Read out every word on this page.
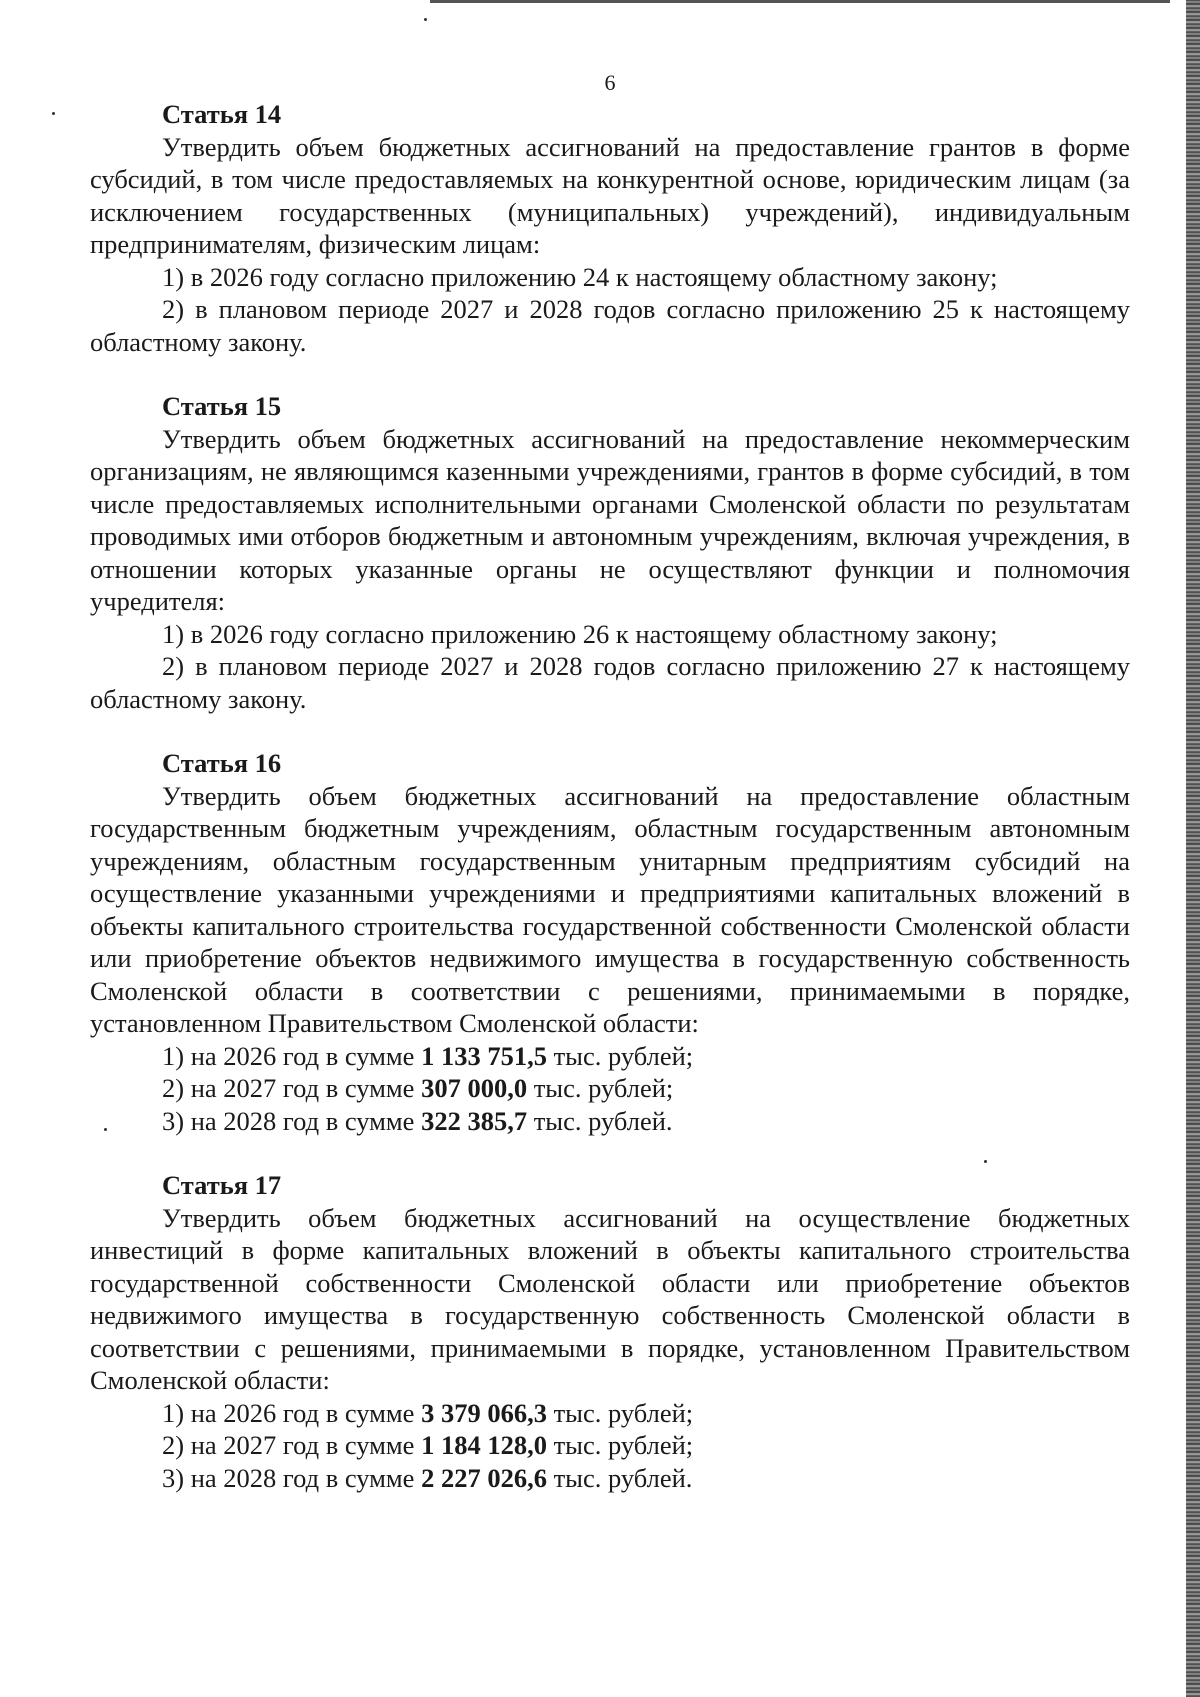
6

Статья 14

Утвердить объем бюджетных ассигнований на предоставление грантов в форме субсидий, в том числе предоставляемых на конкурентной основе, юридическим лицам (за исключением государственных (муниципальных) учреждений), индивидуальным предпринимателям, физическим лицам:

1) в 2026 году согласно приложению 24 к настоящему областному закону;

2) в плановом периоде 2027 и 2028 годов согласно приложению 25 к настоящему областному закону.

Статья 15

Утвердить объем бюджетных ассигнований на предоставление некоммерческим организациям, не являющимся казенными учреждениями, грантов в форме субсидий, в том числе предоставляемых исполнительными органами Смоленской области по результатам проводимых ими отборов бюджетным и автономным учреждениям, включая учреждения, в отношении которых указанные органы не осуществляют функции и полномочия учредителя:

1) в 2026 году согласно приложению 26 к настоящему областному закону;

2) в плановом периоде 2027 и 2028 годов согласно приложению 27 к настоящему областному закону.

Статья 16

Утвердить объем бюджетных ассигнований на предоставление областным государственным бюджетным учреждениям, областным государственным автономным учреждениям, областным государственным унитарным предприятиям субсидий на осуществление указанными учреждениями и предприятиями капитальных вложений в объекты капитального строительства государственной собственности Смоленской области или приобретение объектов недвижимого имущества в государственную собственность Смоленской области в соответствии с решениями, принимаемыми в порядке, установленном Правительством Смоленской области:

1) на 2026 год в сумме 1 133 751,5 тыс. рублей;

2) на 2027 год в сумме 307 000,0 тыс. рублей;

3) на 2028 год в сумме 322 385,7 тыс. рублей.

Статья 17

Утвердить объем бюджетных ассигнований на осуществление бюджетных инвестиций в форме капитальных вложений в объекты капитального строительства государственной собственности Смоленской области или приобретение объектов недвижимого имущества в государственную собственность Смоленской области в соответствии с решениями, принимаемыми в порядке, установленном Правительством Смоленской области:

1) на 2026 год в сумме 3 379 066,3 тыс. рублей;

2) на 2027 год в сумме 1 184 128,0 тыс. рублей;

3) на 2028 год в сумме 2 227 026,6 тыс. рублей.
